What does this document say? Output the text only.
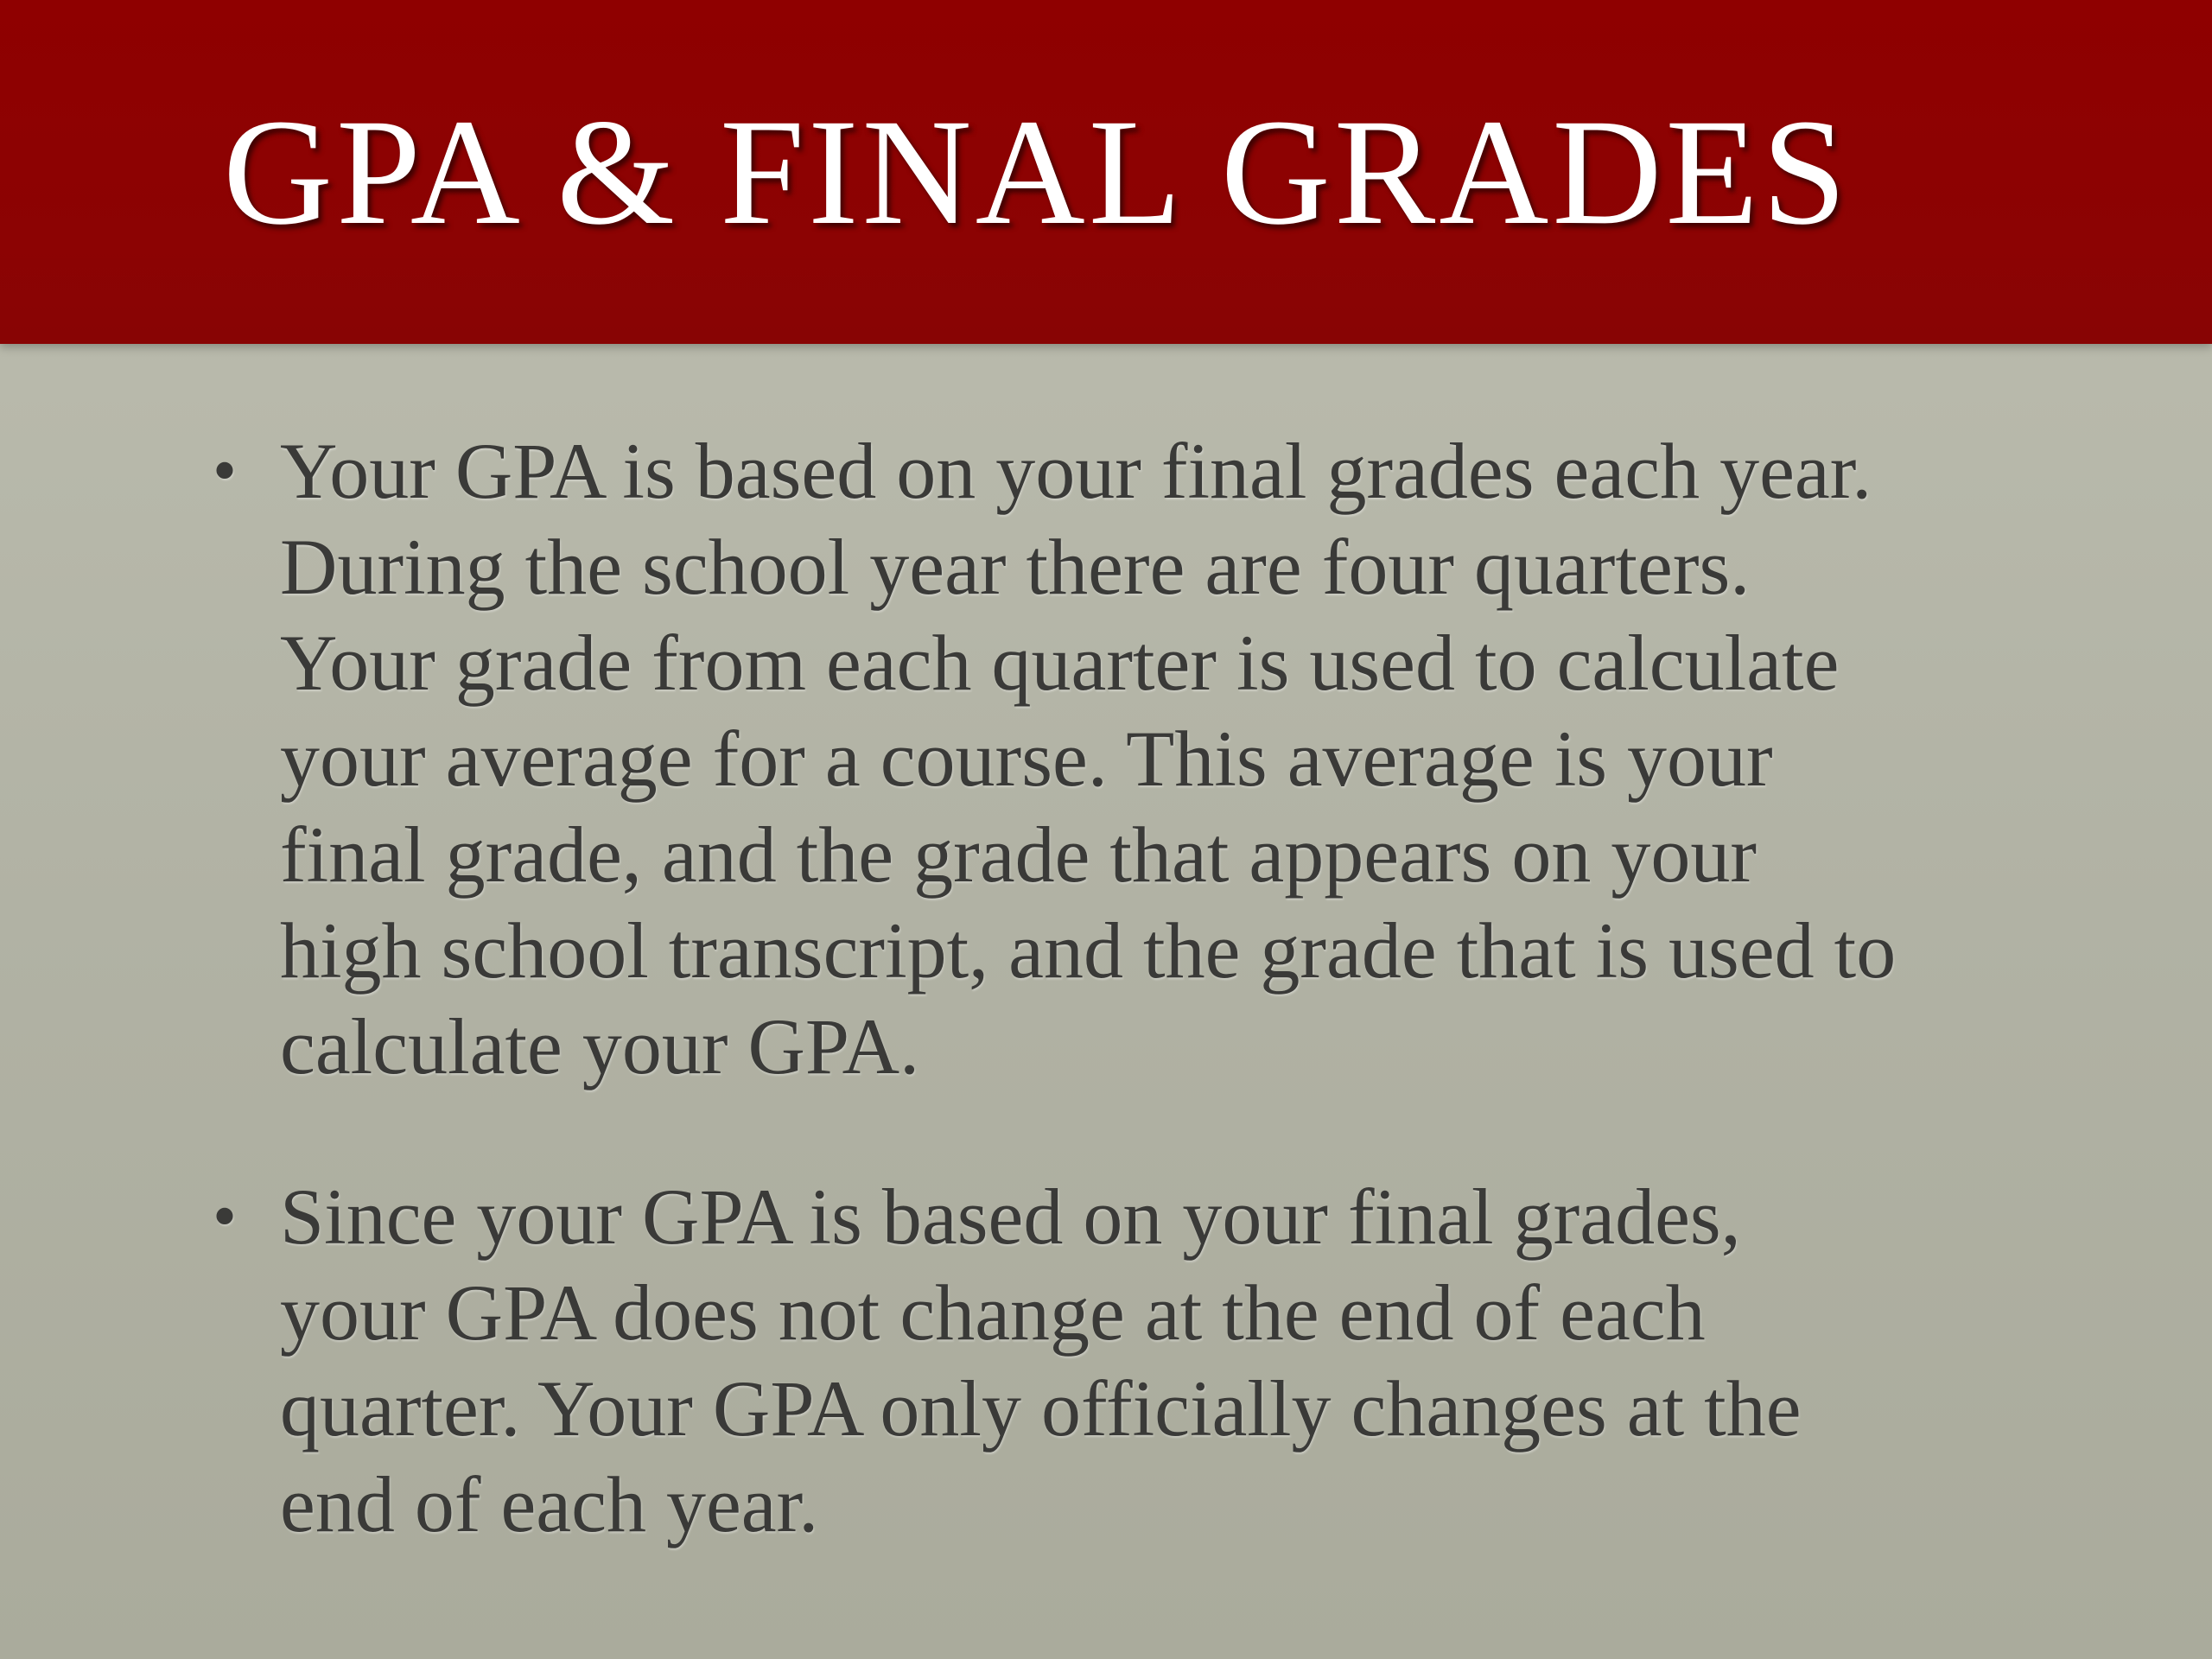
GPA & FINAL GRADES
• Your GPA is based on your final grades each year.
During the school year there are four quarters.
Your grade from each quarter is used to calculate
your average for a course. This average is your
final grade, and the grade that appears on your
high school transcript, and the grade that is used to
calculate your GPA.
• Since your GPA is based on your final grades,
your GPA does not change at the end of each
quarter. Your GPA only officially changes at the
end of each year.
